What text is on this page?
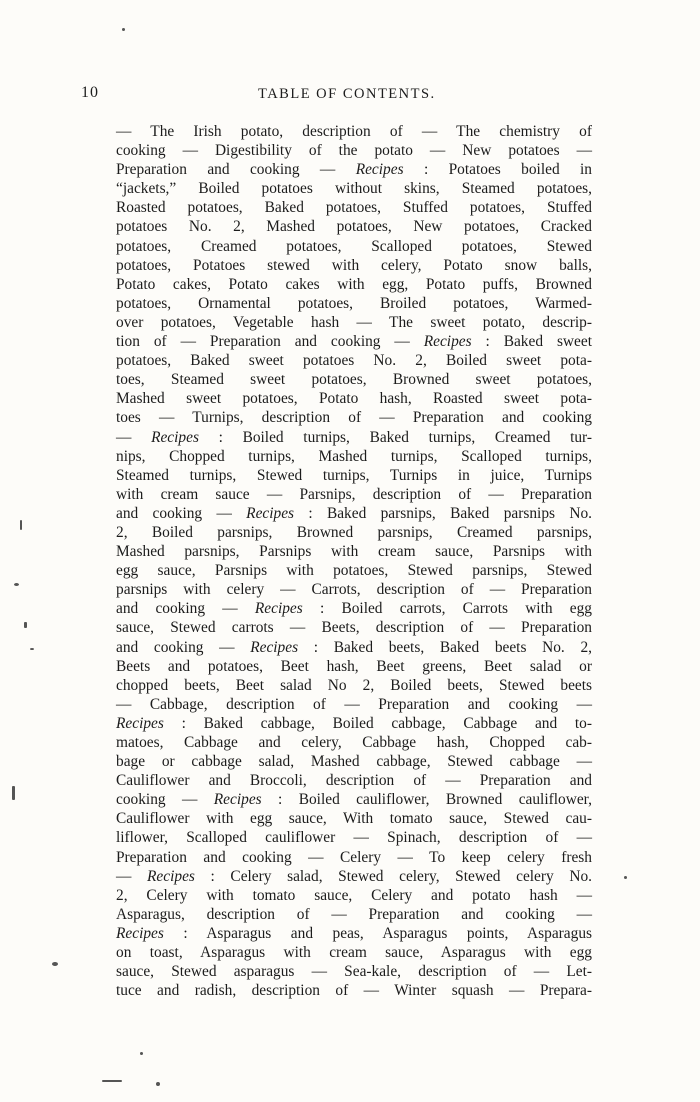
10	TABLE OF CONTENTS.
— The Irish potato, description of — The chemistry of
cooking — Digestibility of the potato — New potatoes —
Preparation and cooking — Recipes : Potatoes boiled in
“jackets,” Boiled potatoes without skins, Steamed potatoes,
Roasted potatoes, Baked potatoes, Stuffed potatoes, Stuffed
potatoes No. 2, Mashed potatoes, New potatoes, Cracked
potatoes, Creamed potatoes, Scalloped potatoes, Stewed
potatoes, Potatoes stewed with celery, Potato snow balls,
Potato cakes, Potato cakes with egg, Potato puffs, Browned
potatoes, Ornamental potatoes, Broiled potatoes, Warmed-
over potatoes, Vegetable hash — The sweet potato, descrip-
tion of — Preparation and cooking — Recipes : Baked sweet
potatoes, Baked sweet potatoes No. 2, Boiled sweet pota-
toes, Steamed sweet potatoes, Browned sweet potatoes,
Mashed sweet potatoes, Potato hash, Roasted sweet pota-
toes — Turnips, description of — Preparation and cooking
— Recipes : Boiled turnips, Baked turnips, Creamed tur-
nips, Chopped turnips, Mashed turnips, Scalloped turnips,
Steamed turnips, Stewed turnips, Turnips in juice, Turnips
with cream sauce — Parsnips, description of — Preparation
and cooking — Recipes : Baked parsnips, Baked parsnips No.
2, Boiled parsnips, Browned parsnips, Creamed parsnips,
Mashed parsnips, Parsnips with cream sauce, Parsnips with
egg sauce, Parsnips with potatoes, Stewed parsnips, Stewed
parsnips with celery — Carrots, description of — Preparation
and cooking — Recipes : Boiled carrots, Carrots with egg
sauce, Stewed carrots — Beets, description of — Preparation
and cooking — Recipes : Baked beets, Baked beets No. 2,
Beets and potatoes, Beet hash, Beet greens, Beet salad or
chopped beets, Beet salad No 2, Boiled beets, Stewed beets
— Cabbage, description of — Preparation and cooking —
Recipes : Baked cabbage, Boiled cabbage, Cabbage and to-
matoes, Cabbage and celery, Cabbage hash, Chopped cab-
bage or cabbage salad, Mashed cabbage, Stewed cabbage —
Cauliflower and Broccoli, description of — Preparation and
cooking — Recipes : Boiled cauliflower, Browned cauliflower,
Cauliflower with egg sauce, With tomato sauce, Stewed cau-
liflower, Scalloped cauliflower — Spinach, description of —
Preparation and cooking — Celery — To keep celery fresh
— Recipes : Celery salad, Stewed celery, Stewed celery No.
2, Celery with tomato sauce, Celery and potato hash —
Asparagus, description of — Preparation and cooking —
Recipes : Asparagus and peas, Asparagus points, Asparagus
on toast, Asparagus with cream sauce, Asparagus with egg
sauce, Stewed asparagus — Sea-kale, description of — Let-
tuce and radish, description of — Winter squash — Prepara-
